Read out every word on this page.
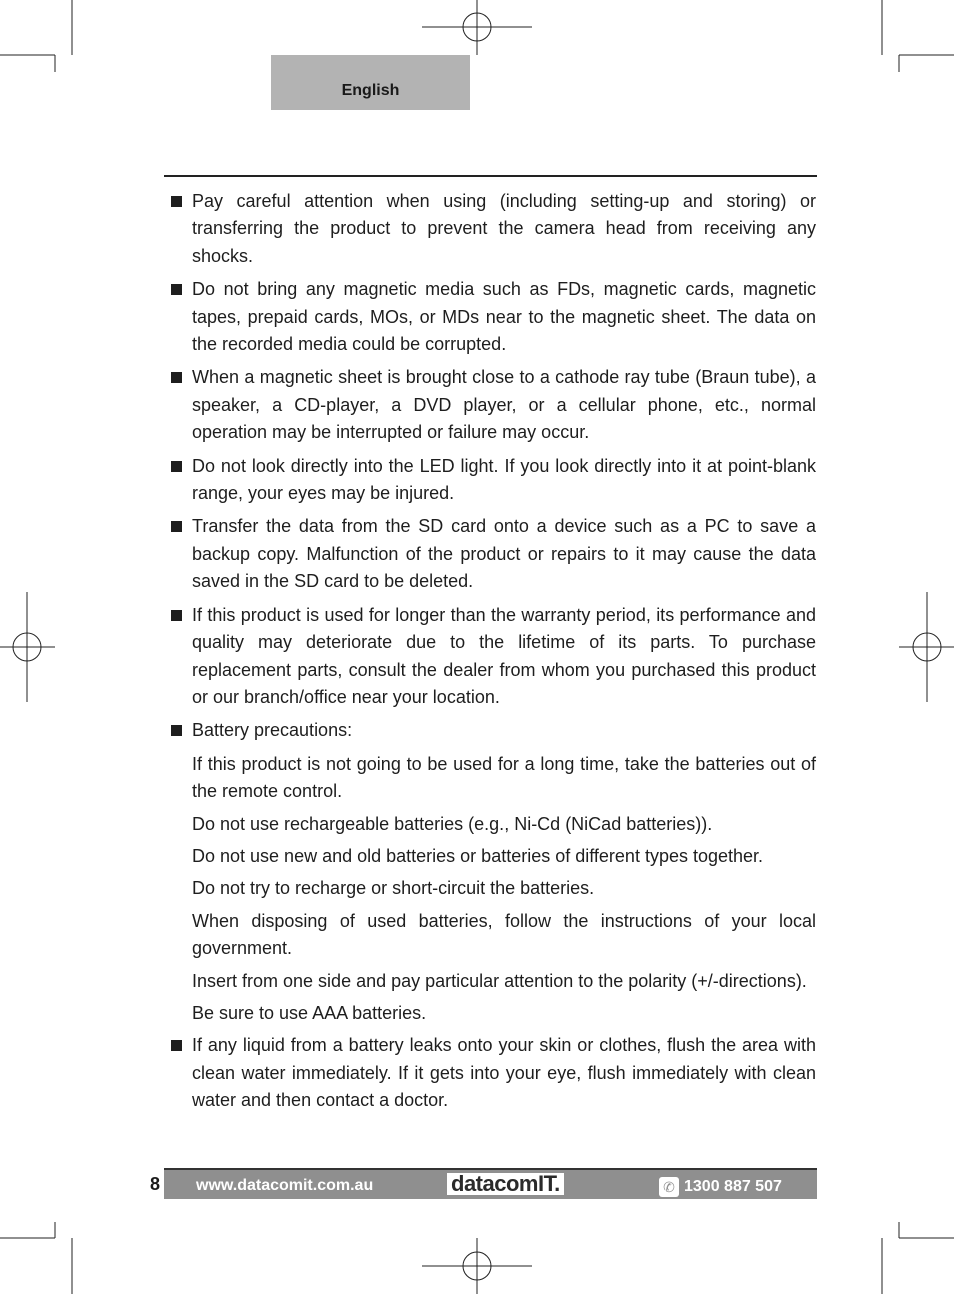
English

Pay careful attention when using (including setting-up and storing) or transferring the product to prevent the camera head from receiving any shocks.

Do not bring any magnetic media such as FDs, magnetic cards, magnetic tapes, prepaid cards, MOs, or MDs near to the magnetic sheet. The data on the recorded media could be corrupted.

When a magnetic sheet is brought close to a cathode ray tube (Braun tube), a speaker, a CD-player, a DVD player, or a cellular phone, etc., normal operation may be interrupted or failure may occur.

Do not look directly into the LED light. If you look directly into it at point-blank range, your eyes may be injured.

Transfer the data from the SD card onto a device such as a PC to save a backup copy. Malfunction of the product or repairs to it may cause the data saved in the SD card to be deleted.

If this product is used for longer than the warranty period, its performance and quality may deteriorate due to the lifetime of its parts. To purchase replacement parts, consult the dealer from whom you purchased this product or our branch/office near your location.

Battery precautions:

If this product is not going to be used for a long time, take the batteries out of the remote control.

Do not use rechargeable batteries (e.g., Ni-Cd (NiCad batteries)).

Do not use new and old batteries or batteries of different types together.

Do not try to recharge or short-circuit the batteries.

When disposing of used batteries, follow the instructions of your local government.

Insert from one side and pay particular attention to the polarity (+/-directions).

Be sure to use AAA batteries.

If any liquid from a battery leaks onto your skin or clothes, flush the area with clean water immediately. If it gets into your eye, flush immediately with clean water and then contact a doctor.

8 www.datacomit.com.au	datacomIT.	✆ 1300 887 507
